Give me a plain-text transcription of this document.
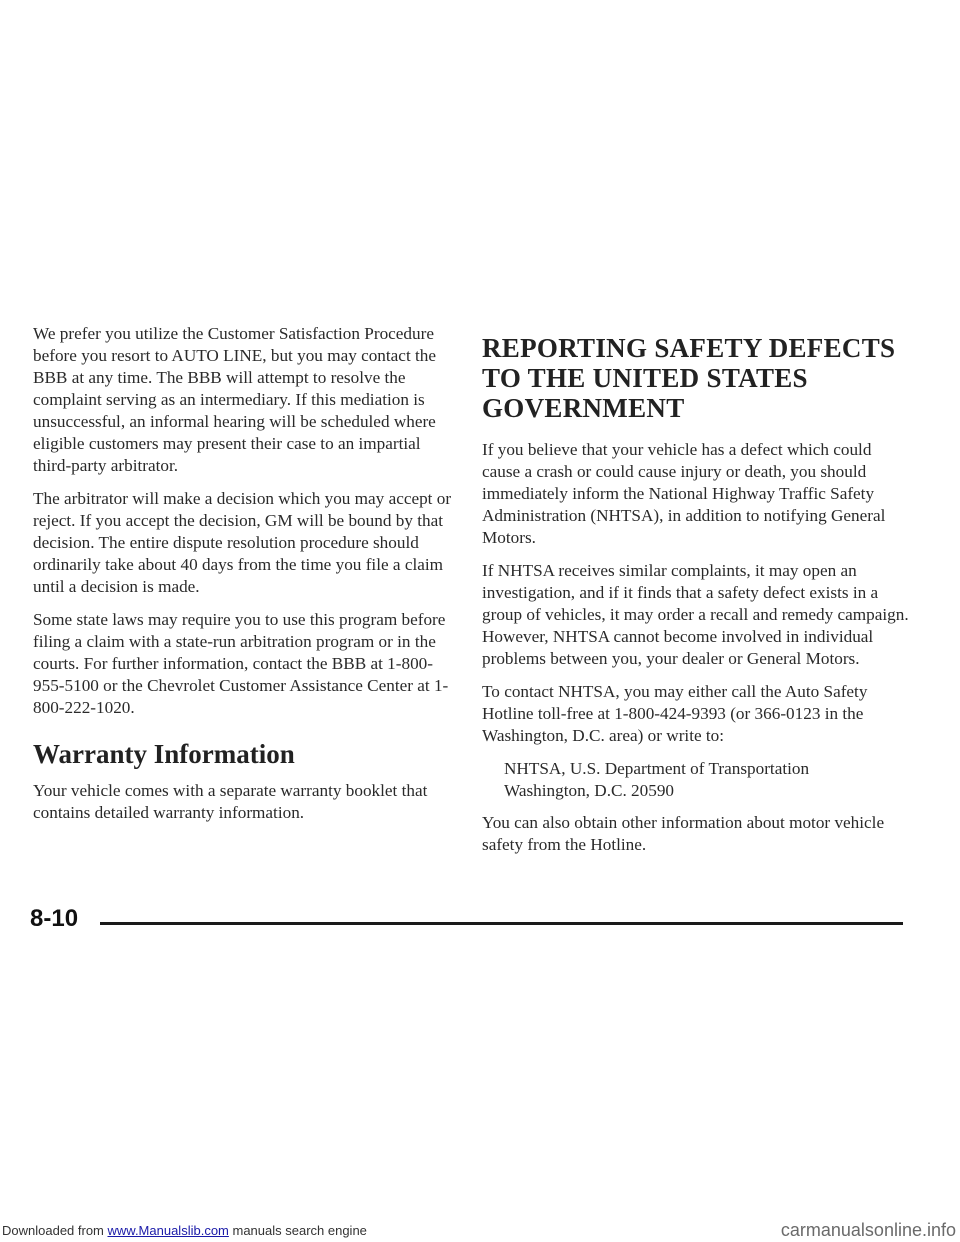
We prefer you utilize the Customer Satisfaction Procedure before you resort to AUTO LINE, but you may contact the BBB at any time. The BBB will attempt to resolve the complaint serving as an intermediary. If this mediation is unsuccessful, an informal hearing will be scheduled where eligible customers may present their case to an impartial third-party arbitrator.

The arbitrator will make a decision which you may accept or reject. If you accept the decision, GM will be bound by that decision. The entire dispute resolution procedure should ordinarily take about 40 days from the time you file a claim until a decision is made.

Some state laws may require you to use this program before filing a claim with a state-run arbitration program or in the courts. For further information, contact the BBB at 1-800-955-5100 or the Chevrolet Customer Assistance Center at 1-800-222-1020.

Warranty Information

Your vehicle comes with a separate warranty booklet that contains detailed warranty information.

REPORTING SAFETY DEFECTS TO THE UNITED STATES GOVERNMENT

If you believe that your vehicle has a defect which could cause a crash or could cause injury or death, you should immediately inform the National Highway Traffic Safety Administration (NHTSA), in addition to notifying General Motors.

If NHTSA receives similar complaints, it may open an investigation, and if it finds that a safety defect exists in a group of vehicles, it may order a recall and remedy campaign. However, NHTSA cannot become involved in individual problems between you, your dealer or General Motors.

To contact NHTSA, you may either call the Auto Safety Hotline toll-free at 1-800-424-9393 (or 366-0123 in the Washington, D.C. area) or write to:

NHTSA, U.S. Department of Transportation
Washington, D.C. 20590

You can also obtain other information about motor vehicle safety from the Hotline.

8-10
Downloaded from www.Manualslib.com manuals search engine	carmanualsonline.info
